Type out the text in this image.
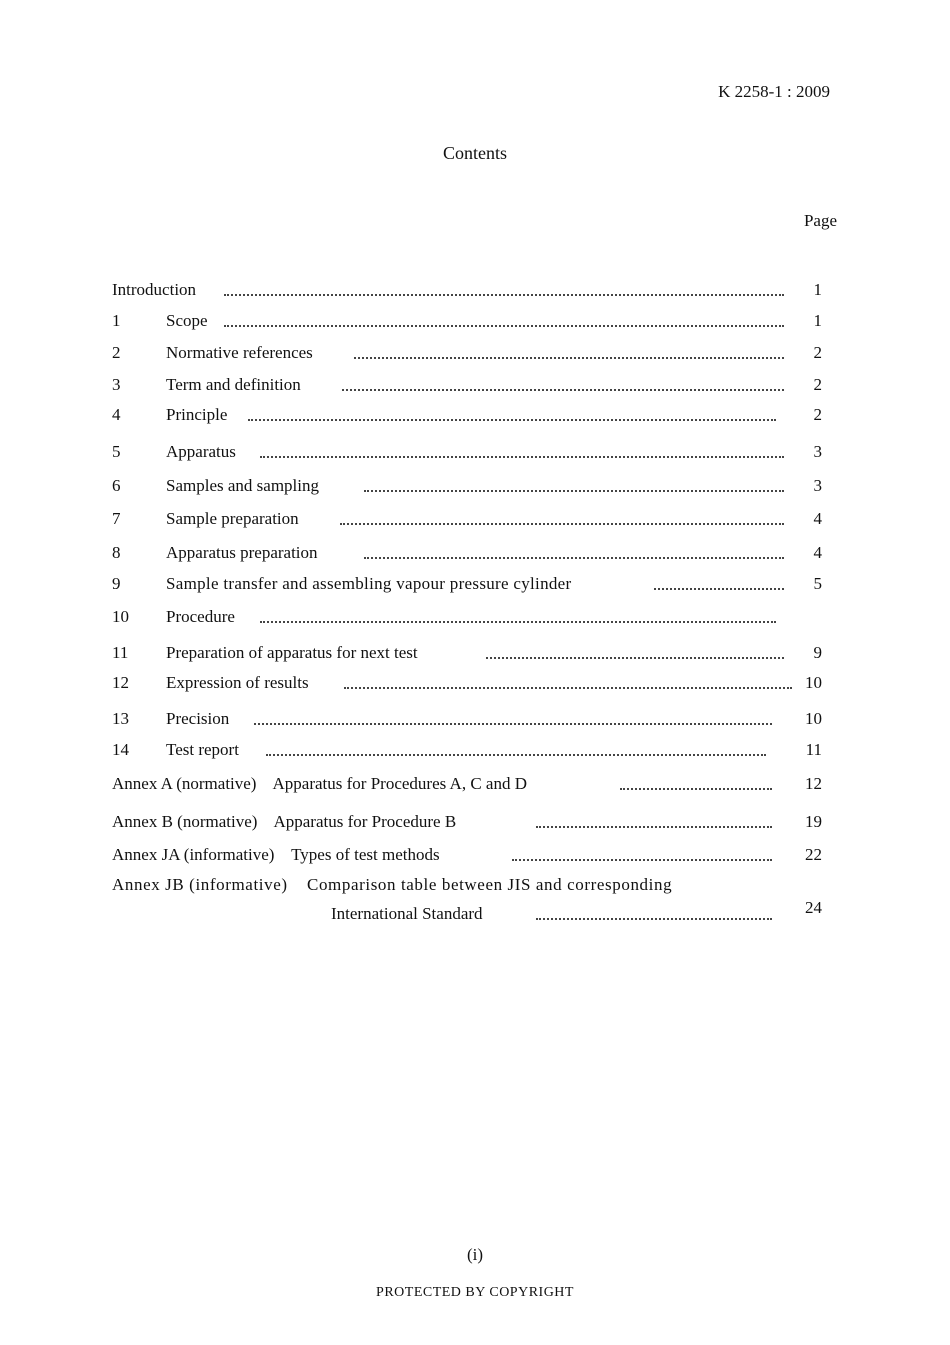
K 2258-1 : 2009
Contents
Page
Introduction	1
1	Scope	1
2	Normative references	2
3	Term and definition	2
4	Principle	2
5	Apparatus	3
6	Samples and sampling	3
7	Sample preparation	4
8	Apparatus preparation	4
9	Sample transfer and assembling vapour pressure cylinder	5
10 Procedure
11 Preparation of apparatus for next test	9
12 Expression of results	10
13 Precision	10
14 Test report	11
Annex A (normative)    Apparatus for Procedures A, C and D	12
Annex B (normative)    Apparatus for Procedure B	19
Annex JA (informative)    Types of test methods	22
Annex JB (informative)    Comparison table between JIS and corresponding
International Standard	24
(i)
PROTECTED BY COPYRIGHT
